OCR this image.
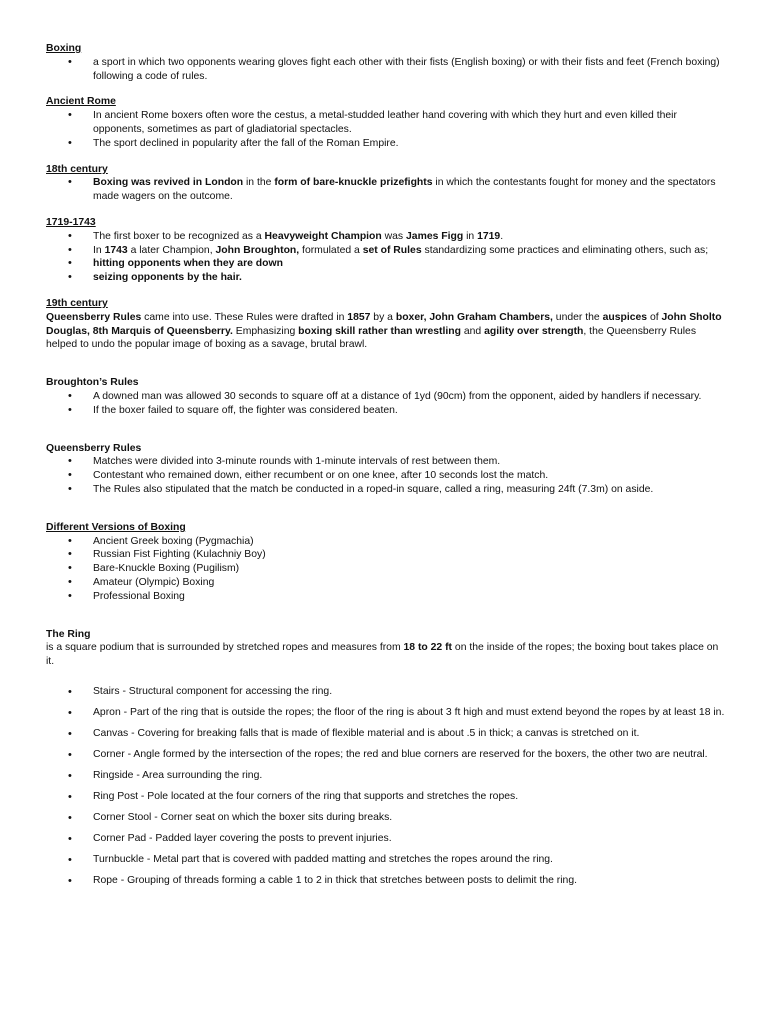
Boxing
• a sport in which two opponents wearing gloves fight each other with their fists (English boxing) or with their fists and feet (French boxing) following a code of rules.
Ancient Rome
• In ancient Rome boxers often wore the cestus, a metal-studded leather hand covering with which they hurt and even killed their opponents, sometimes as part of gladiatorial spectacles.
• The sport declined in popularity after the fall of the Roman Empire.
18th century
• Boxing was revived in London in the form of bare-knuckle prizefights in which the contestants fought for money and the spectators made wagers on the outcome.
1719-1743
• The first boxer to be recognized as a Heavyweight Champion was James Figg in 1719.
• In 1743 a later Champion, John Broughton, formulated a set of Rules standardizing some practices and eliminating others, such as;
• hitting opponents when they are down
• seizing opponents by the hair.
19th century

Queensberry Rules came into use. These Rules were drafted in 1857 by a boxer, John Graham Chambers, under the auspices of John Sholto Douglas, 8th Marquis of Queensberry. Emphasizing boxing skill rather than wrestling and agility over strength, the Queensberry Rules helped to undo the popular image of boxing as a savage, brutal brawl.

Broughton’s Rules
• A downed man was allowed 30 seconds to square off at a distance of 1yd (90cm) from the opponent, aided by handlers if necessary.
• If the boxer failed to square off, the fighter was considered beaten.
Queensberry Rules
• Matches were divided into 3-minute rounds with 1-minute intervals of rest between them.
• Contestant who remained down, either recumbent or on one knee, after 10 seconds lost the match.
• The Rules also stipulated that the match be conducted in a roped-in square, called a ring, measuring 24ft (7.3m) on aside.
Different Versions of Boxing
• Ancient Greek boxing (Pygmachia)
• Russian Fist Fighting (Kulachniy Boy)
• Bare-Knuckle Boxing (Pugilism)
• Amateur (Olympic) Boxing
• Professional Boxing
The Ring

is a square podium that is surrounded by stretched ropes and measures from 18 to 22 ft on the inside of the ropes; the boxing bout takes place on it.

• Stairs - Structural component for accessing the ring.
• Apron - Part of the ring that is outside the ropes; the floor of the ring is about 3 ft high and must extend beyond the ropes by at least 18 in.
• Canvas - Covering for breaking falls that is made of flexible material and is about .5 in thick; a canvas is stretched on it.
• Corner - Angle formed by the intersection of the ropes; the red and blue corners are reserved for the boxers, the other two are neutral.
• Ringside - Area surrounding the ring.
• Ring Post - Pole located at the four corners of the ring that supports and stretches the ropes.
• Corner Stool - Corner seat on which the boxer sits during breaks.
• Corner Pad - Padded layer covering the posts to prevent injuries.
• Turnbuckle - Metal part that is covered with padded matting and stretches the ropes around the ring.
• Rope - Grouping of threads forming a cable 1 to 2 in thick that stretches between posts to delimit the ring.
